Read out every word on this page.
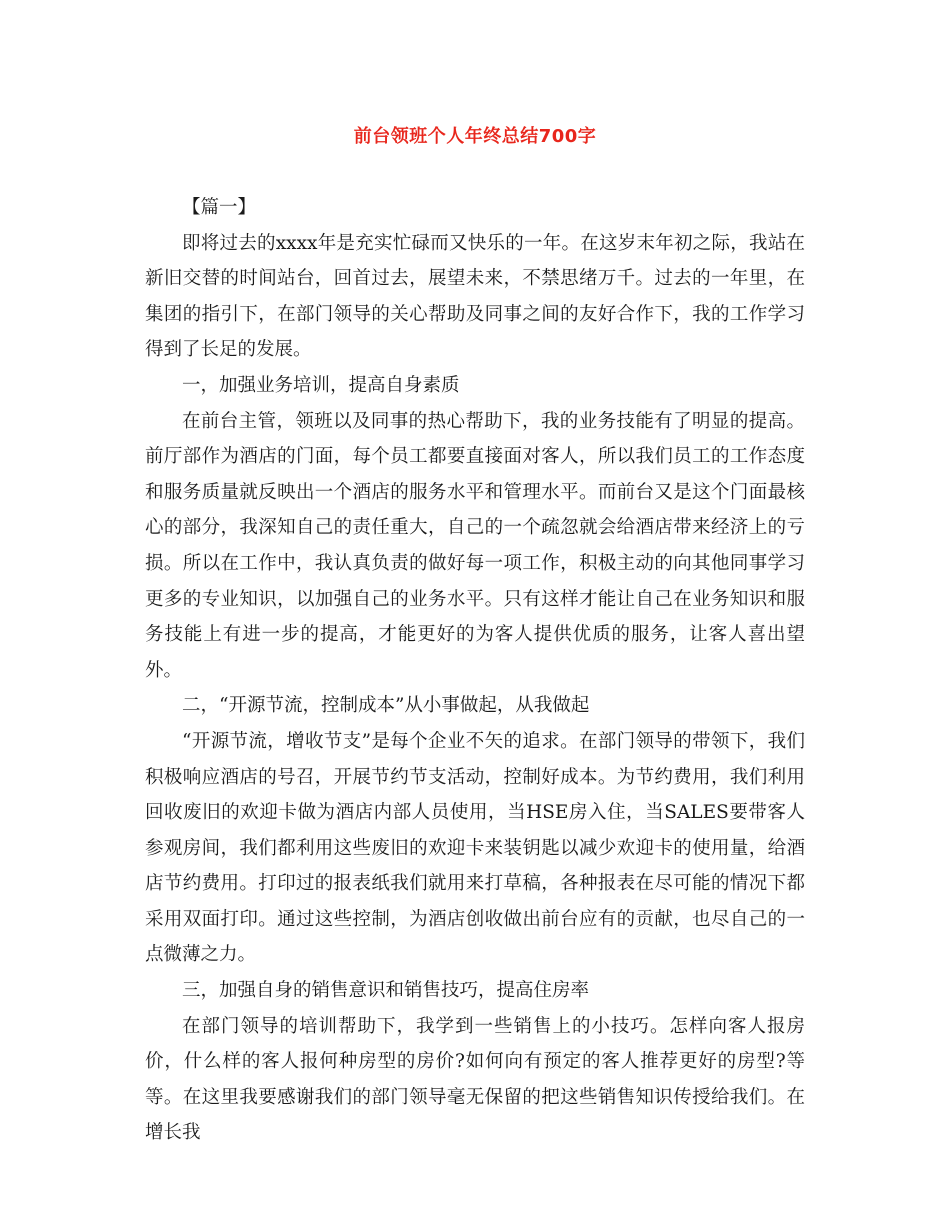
前台领班个人年终总结700字

【篇一】

即将过去的xxxx年是充实忙碌而又快乐的一年。在这岁末年初之际，我站在新旧交替的时间站台，回首过去，展望未来，不禁思绪万千。过去的一年里，在集团的指引下，在部门领导的关心帮助及同事之间的友好合作下，我的工作学习得到了长足的发展。

一，加强业务培训，提高自身素质

在前台主管，领班以及同事的热心帮助下，我的业务技能有了明显的提高。前厅部作为酒店的门面，每个员工都要直接面对客人，所以我们员工的工作态度和服务质量就反映出一个酒店的服务水平和管理水平。而前台又是这个门面最核心的部分，我深知自己的责任重大，自己的一个疏忽就会给酒店带来经济上的亏损。所以在工作中，我认真负责的做好每一项工作，积极主动的向其他同事学习更多的专业知识，以加强自己的业务水平。只有这样才能让自己在业务知识和服务技能上有进一步的提高，才能更好的为客人提供优质的服务，让客人喜出望外。

二，“开源节流，控制成本”从小事做起，从我做起

“开源节流，增收节支”是每个企业不矢的追求。在部门领导的带领下，我们积极响应酒店的号召，开展节约节支活动，控制好成本。为节约费用，我们利用回收废旧的欢迎卡做为酒店内部人员使用，当HSE房入住，当SALES要带客人参观房间，我们都利用这些废旧的欢迎卡来装钥匙以减少欢迎卡的使用量，给酒店节约费用。打印过的报表纸我们就用来打草稿，各种报表在尽可能的情况下都采用双面打印。通过这些控制，为酒店创收做出前台应有的贡献，也尽自己的一点微薄之力。

三，加强自身的销售意识和销售技巧，提高住房率

在部门领导的培训帮助下，我学到一些销售上的小技巧。怎样向客人报房价，什么样的客人报何种房型的房价?如何向有预定的客人推荐更好的房型?等等。在这里我要感谢我们的部门领导毫无保留的把这些销售知识传授给我们。在增长我
